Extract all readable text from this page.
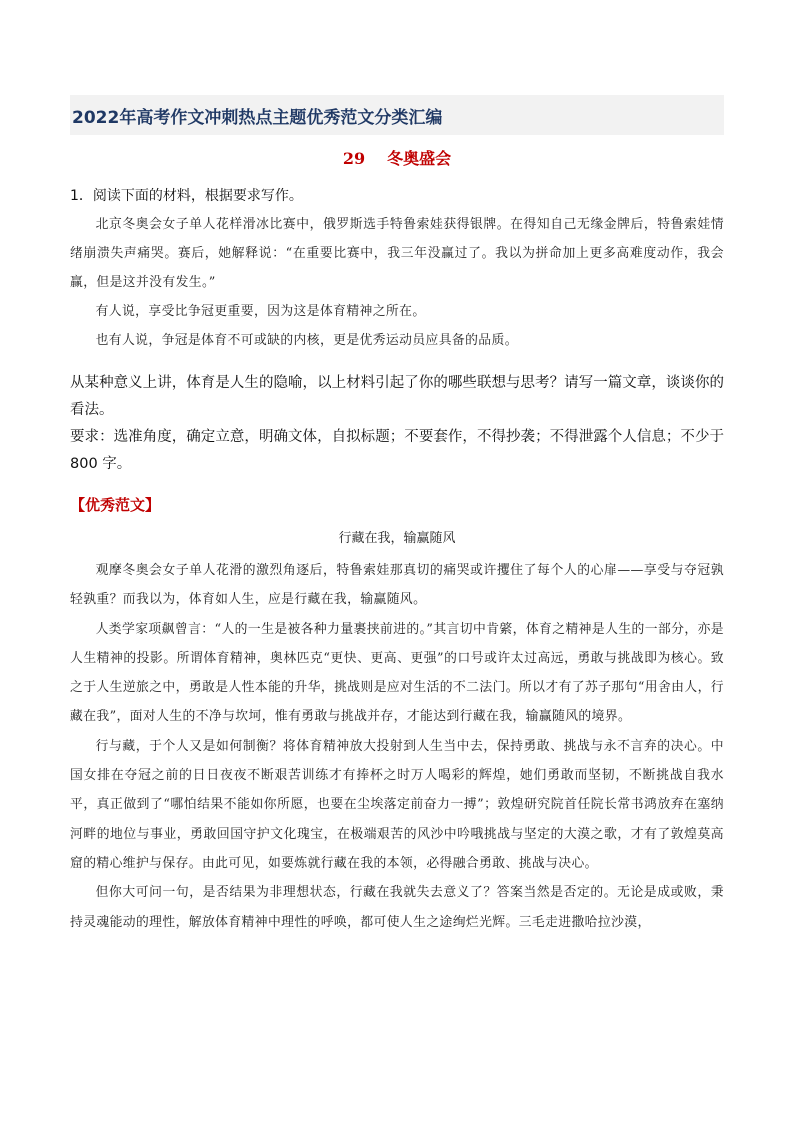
2022年高考作文冲刺热点主题优秀范文分类汇编
29 冬奥盛会
1．阅读下面的材料，根据要求写作。

北京冬奥会女子单人花样滑冰比赛中，俄罗斯选手特鲁索娃获得银牌。在得知自己无缘金牌后，特鲁索娃情绪崩溃失声痛哭。赛后，她解释说：“在重要比赛中，我三年没赢过了。我以为拼命加上更多高难度动作，我会赢，但是这并没有发生。”

有人说，享受比争冠更重要，因为这是体育精神之所在。

也有人说，争冠是体育不可或缺的内核，更是优秀运动员应具备的品质。

从某种意义上讲，体育是人生的隐喻，以上材料引起了你的哪些联想与思考？请写一篇文章，谈谈你的看法。

要求：选准角度，确定立意，明确文体，自拟标题；不要套作，不得抄袭；不得泄露个人信息；不少于 800 字。

【优秀范文】
行藏在我，输赢随风

观摩冬奥会女子单人花滑的激烈角逐后，特鲁索娃那真切的痛哭或许攫住了每个人的心扉——享受与夺冠孰轻孰重？而我以为，体育如人生，应是行藏在我，输赢随风。

人类学家项飙曾言：“人的一生是被各种力量裹挟前进的。”其言切中肯綮，体育之精神是人生的一部分，亦是人生精神的投影。所谓体育精神，奥林匹克“更快、更高、更强”的口号或许太过高远，勇敢与挑战即为核心。致之于人生逆旅之中，勇敢是人性本能的升华，挑战则是应对生活的不二法门。所以才有了苏子那句“用舍由人，行藏在我”，面对人生的不净与坎坷，惟有勇敢与挑战并存，才能达到行藏在我，输赢随风的境界。

行与藏，于个人又是如何制衡？将体育精神放大投射到人生当中去，保持勇敢、挑战与永不言弃的决心。中国女排在夺冠之前的日日夜夜不断艰苦训练才有捧杯之时万人喝彩的辉煌，她们勇敢而坚韧，不断挑战自我水平，真正做到了“哪怕结果不能如你所愿，也要在尘埃落定前奋力一搏”；敦煌研究院首任院长常书鸿放弃在塞纳河畔的地位与事业，勇敢回国守护文化瑰宝，在极端艰苦的风沙中吟哦挑战与坚定的大漠之歌，才有了敦煌莫高窟的精心维护与保存。由此可见，如要炼就行藏在我的本领，必得融合勇敢、挑战与决心。

但你大可问一句，是否结果为非理想状态，行藏在我就失去意义了？答案当然是否定的。无论是成或败，秉持灵魂能动的理性，解放体育精神中理性的呼唤，都可使人生之途绚烂光辉。三毛走进撒哈拉沙漠，
